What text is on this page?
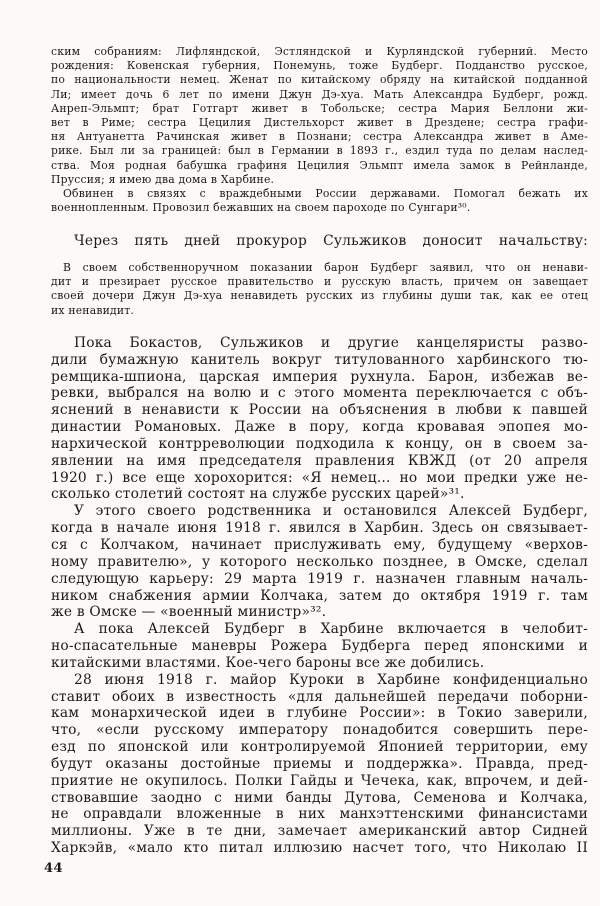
ским собраниям: Лифляндской, Эстляндской и Курляндской губерний. Место
рождения: Ковенская губерния, Понемунь, тоже Будберг. Подданство русское,
по национальности немец. Женат по китайскому обряду на китайской подданной
Ли; имеет дочь 6 лет по имени Джун Дэ-хуа. Мать Александра Будберг, рожд.
Анреп-Эльмпт; брат Готгарт живет в Тобольске; сестра Мария Беллони жи-
вет в Риме; сестра Цецилия Дистельхорст живет в Дрездене; сестра графи-
ня Антуанетта Рачинская живет в Познани; сестра Александра живет в Аме-
рике. Был ли за границей: был в Германии в 1893 г., ездил туда по делам наслед-
ства. Моя родная бабушка графиня Цецилия Эльмпт имела замок в Рейнланде,
Пруссия; я имею два дома в Харбине.
Обвинен в связях с враждебными России державами. Помогал бежать их
военнопленным. Провозил бежавших на своем пароходе по Сунгари³⁰.
Через пять дней прокурор Сульжиков доносит начальству:
В своем собственноручном показании барон Будберг заявил, что он ненави-
дит и презирает русское правительство и русскую власть, причем он завещает
своей дочери Джун Дэ-хуа ненавидеть русских из глубины души так, как ее отец
их ненавидит.
Пока Бокастов, Сульжиков и другие канцеляристы разво-
дили бумажную канитель вокруг титулованного харбинского тю-
ремщика-шпиона, царская империя рухнула. Барон, избежав ве-
ревки, выбрался на волю и с этого момента переключается с объ-
яснений в ненависти к России на объяснения в любви к павшей
династии Романовых. Даже в пору, когда кровавая эпопея мо-
нархической контрреволюции подходила к концу, он в своем за-
явлении на имя председателя правления КВЖД (от 20 апреля
1920 г.) все еще хорохорится: «Я немец... но мои предки уже не-
сколько столетий состоят на службе русских царей»³¹.
У этого своего родственника и остановился Алексей Будберг,
когда в начале июня 1918 г. явился в Харбин. Здесь он связывает-
ся с Колчаком, начинает прислуживать ему, будущему «верхов-
ному правителю», у которого несколько позднее, в Омске, сделал
следующую карьеру: 29 марта 1919 г. назначен главным началь-
ником снабжения армии Колчака, затем до октября 1919 г. там
же в Омске — «военный министр»³².
А пока Алексей Будберг в Харбине включается в челобит-
но-спасательные маневры Рожера Будберга перед японскими и
китайскими властями. Кое-чего бароны все же добились.
28 июня 1918 г. майор Куроки в Харбине конфиденциально
ставит обоих в известность «для дальнейшей передачи поборни-
кам монархической идеи в глубине России»: в Токио заверили,
что, «если русскому императору понадобится совершить пере-
езд по японской или контролируемой Японией территории, ему
будут оказаны достойные приемы и поддержка». Правда, пред-
приятие не окупилось. Полки Гайды и Чечека, как, впрочем, и дей-
ствовавшие заодно с ними банды Дутова, Семенова и Колчака,
не оправдали вложенные в них манхэттенскими финансистами
миллионы. Уже в те дни, замечает американский автор Сидней
Харкэйв, «мало кто питал иллюзию насчет того, что Николаю II
44
